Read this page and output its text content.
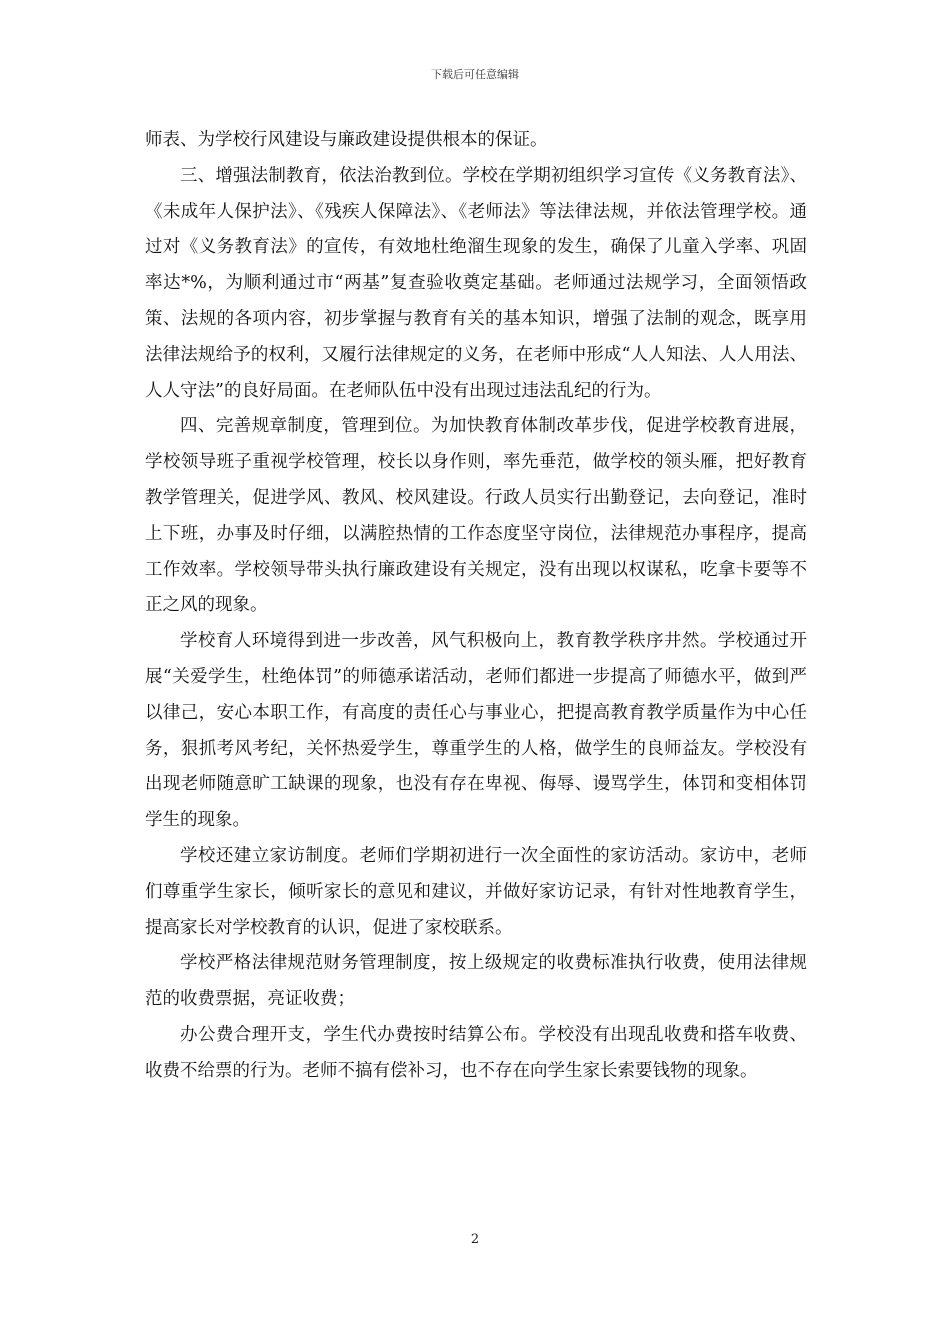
下载后可任意编辑

师表、为学校行风建设与廉政建设提供根本的保证。

三、增强法制教育，依法治教到位。学校在学期初组织学习宣传《义务教育法》、《未成年人保护法》、《残疾人保障法》、《老师法》等法律法规，并依法管理学校。通过对《义务教育法》的宣传，有效地杜绝溜生现象的发生，确保了儿童入学率、巩固率达*%，为顺利通过市“两基”复查验收奠定基础。老师通过法规学习，全面领悟政策、法规的各项内容，初步掌握与教育有关的基本知识，增强了法制的观念，既享用法律法规给予的权利，又履行法律规定的义务，在老师中形成“人人知法、人人用法、人人守法”的良好局面。在老师队伍中没有出现过违法乱纪的行为。

四、完善规章制度，管理到位。为加快教育体制改革步伐，促进学校教育进展，学校领导班子重视学校管理，校长以身作则，率先垂范，做学校的领头雁，把好教育教学管理关，促进学风、教风、校风建设。行政人员实行出勤登记，去向登记，准时上下班，办事及时仔细，以满腔热情的工作态度坚守岗位，法律规范办事程序，提高工作效率。学校领导带头执行廉政建设有关规定，没有出现以权谋私，吃拿卡要等不正之风的现象。

学校育人环境得到进一步改善，风气积极向上，教育教学秩序井然。学校通过开展“关爱学生，杜绝体罚”的师德承诺活动，老师们都进一步提高了师德水平，做到严以律己，安心本职工作，有高度的责任心与事业心，把提高教育教学质量作为中心任务，狠抓考风考纪，关怀热爱学生，尊重学生的人格，做学生的良师益友。学校没有出现老师随意旷工缺课的现象，也没有存在卑视、侮辱、谩骂学生，体罚和变相体罚学生的现象。

学校还建立家访制度。老师们学期初进行一次全面性的家访活动。家访中，老师们尊重学生家长，倾听家长的意见和建议，并做好家访记录，有针对性地教育学生，提高家长对学校教育的认识，促进了家校联系。

学校严格法律规范财务管理制度，按上级规定的收费标准执行收费，使用法律规范的收费票据，亮证收费；

办公费合理开支，学生代办费按时结算公布。学校没有出现乱收费和搭车收费、收费不给票的行为。老师不搞有偿补习，也不存在向学生家长索要钱物的现象。

2
